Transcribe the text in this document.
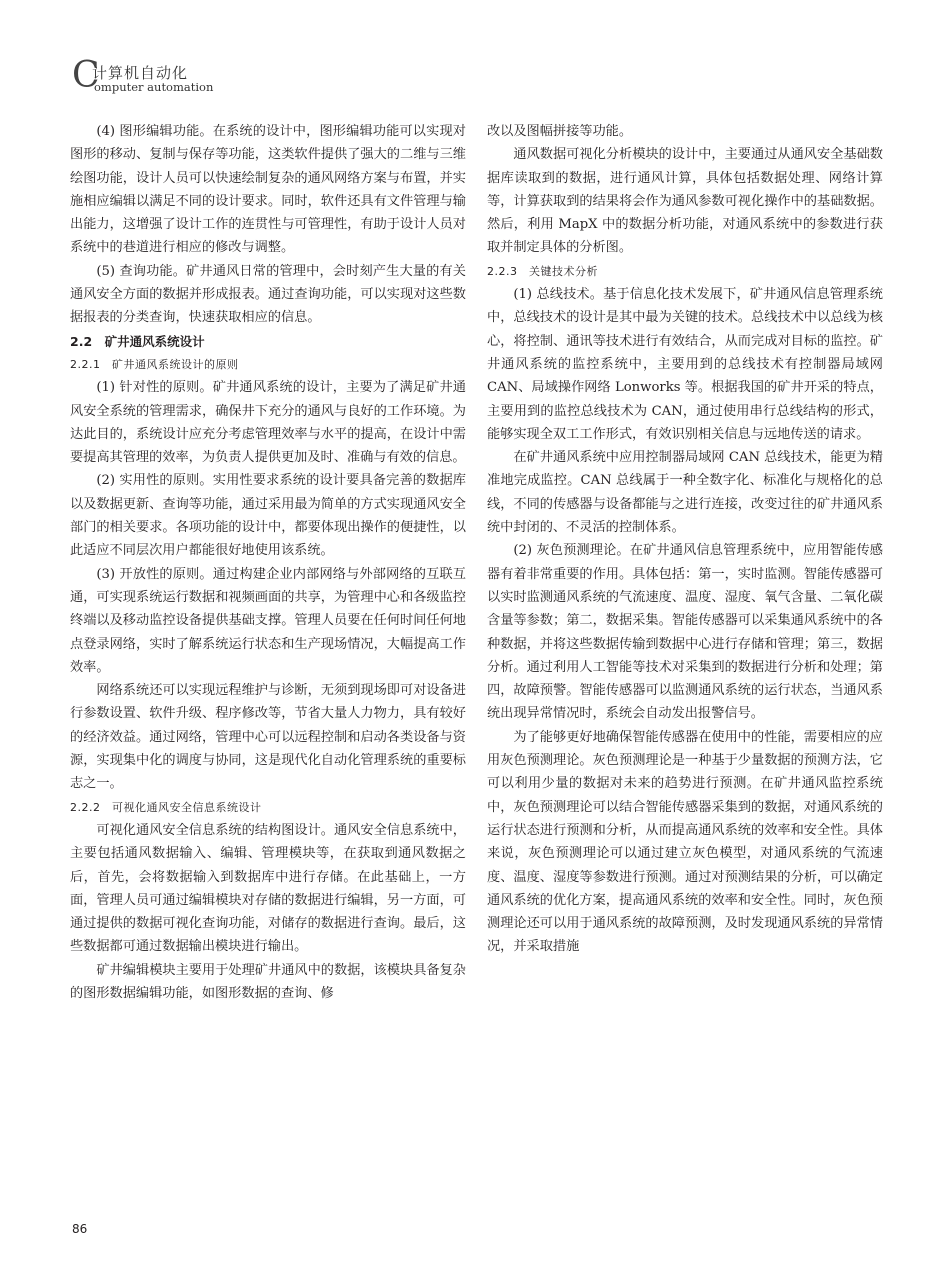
C
计算机自动化
omputer automation

(4) 图形编辑功能。在系统的设计中，图形编辑功能可以实现对图形的移动、复制与保存等功能，这类软件提供了强大的二维与三维绘图功能，设计人员可以快速绘制复杂的通风网络方案与布置，并实施相应编辑以满足不同的设计要求。同时，软件还具有文件管理与输出能力，这增强了设计工作的连贯性与可管理性，有助于设计人员对系统中的巷道进行相应的修改与调整。

(5) 查询功能。矿井通风日常的管理中，会时刻产生大量的有关通风安全方面的数据并形成报表。通过查询功能，可以实现对这些数据报表的分类查询，快速获取相应的信息。

2.2　矿井通风系统设计

2.2.1　矿井通风系统设计的原则

(1) 针对性的原则。矿井通风系统的设计，主要为了满足矿井通风安全系统的管理需求，确保井下充分的通风与良好的工作环境。为达此目的，系统设计应充分考虑管理效率与水平的提高，在设计中需要提高其管理的效率，为负责人提供更加及时、准确与有效的信息。

(2) 实用性的原则。实用性要求系统的设计要具备完善的数据库以及数据更新、查询等功能，通过采用最为简单的方式实现通风安全部门的相关要求。各项功能的设计中，都要体现出操作的便捷性，以此适应不同层次用户都能很好地使用该系统。

(3) 开放性的原则。通过构建企业内部网络与外部网络的互联互通，可实现系统运行数据和视频画面的共享，为管理中心和各级监控终端以及移动监控设备提供基础支撑。管理人员要在任何时间任何地点登录网络，实时了解系统运行状态和生产现场情况，大幅提高工作效率。

网络系统还可以实现远程维护与诊断，无须到现场即可对设备进行参数设置、软件升级、程序修改等，节省大量人力物力，具有较好的经济效益。通过网络，管理中心可以远程控制和启动各类设备与资源，实现集中化的调度与协同，这是现代化自动化管理系统的重要标志之一。

2.2.2　可视化通风安全信息系统设计

可视化通风安全信息系统的结构图设计。通风安全信息系统中，主要包括通风数据输入、编辑、管理模块等，在获取到通风数据之后，首先，会将数据输入到数据库中进行存储。在此基础上，一方面，管理人员可通过编辑模块对存储的数据进行编辑，另一方面，可通过提供的数据可视化查询功能，对储存的数据进行查询。最后，这些数据都可通过数据输出模块进行输出。

矿井编辑模块主要用于处理矿井通风中的数据，该模块具备复杂的图形数据编辑功能，如图形数据的查询、修

改以及图幅拼接等功能。

通风数据可视化分析模块的设计中，主要通过从通风安全基础数据库读取到的数据，进行通风计算，具体包括数据处理、网络计算等，计算获取到的结果将会作为通风参数可视化操作中的基础数据。然后，利用 MapX 中的数据分析功能，对通风系统中的参数进行获取并制定具体的分析图。

2.2.3　关键技术分析

(1) 总线技术。基于信息化技术发展下，矿井通风信息管理系统中，总线技术的设计是其中最为关键的技术。总线技术中以总线为核心，将控制、通讯等技术进行有效结合，从而完成对目标的监控。矿井通风系统的监控系统中，主要用到的总线技术有控制器局域网 CAN、局域操作网络 Lonworks 等。根据我国的矿井开采的特点，主要用到的监控总线技术为 CAN，通过使用串行总线结构的形式，能够实现全双工工作形式，有效识别相关信息与远地传送的请求。

在矿井通风系统中应用控制器局域网 CAN 总线技术，能更为精准地完成监控。CAN 总线属于一种全数字化、标准化与规格化的总线，不同的传感器与设备都能与之进行连接，改变过往的矿井通风系统中封闭的、不灵活的控制体系。

(2) 灰色预测理论。在矿井通风信息管理系统中，应用智能传感器有着非常重要的作用。具体包括：第一，实时监测。智能传感器可以实时监测通风系统的气流速度、温度、湿度、氧气含量、二氧化碳含量等参数；第二，数据采集。智能传感器可以采集通风系统中的各种数据，并将这些数据传输到数据中心进行存储和管理；第三，数据分析。通过利用人工智能等技术对采集到的数据进行分析和处理；第四，故障预警。智能传感器可以监测通风系统的运行状态，当通风系统出现异常情况时，系统会自动发出报警信号。

为了能够更好地确保智能传感器在使用中的性能，需要相应的应用灰色预测理论。灰色预测理论是一种基于少量数据的预测方法，它可以利用少量的数据对未来的趋势进行预测。在矿井通风监控系统中，灰色预测理论可以结合智能传感器采集到的数据，对通风系统的运行状态进行预测和分析，从而提高通风系统的效率和安全性。具体来说，灰色预测理论可以通过建立灰色模型，对通风系统的气流速度、温度、湿度等参数进行预测。通过对预测结果的分析，可以确定通风系统的优化方案，提高通风系统的效率和安全性。同时，灰色预测理论还可以用于通风系统的故障预测，及时发现通风系统的异常情况，并采取措施

86
